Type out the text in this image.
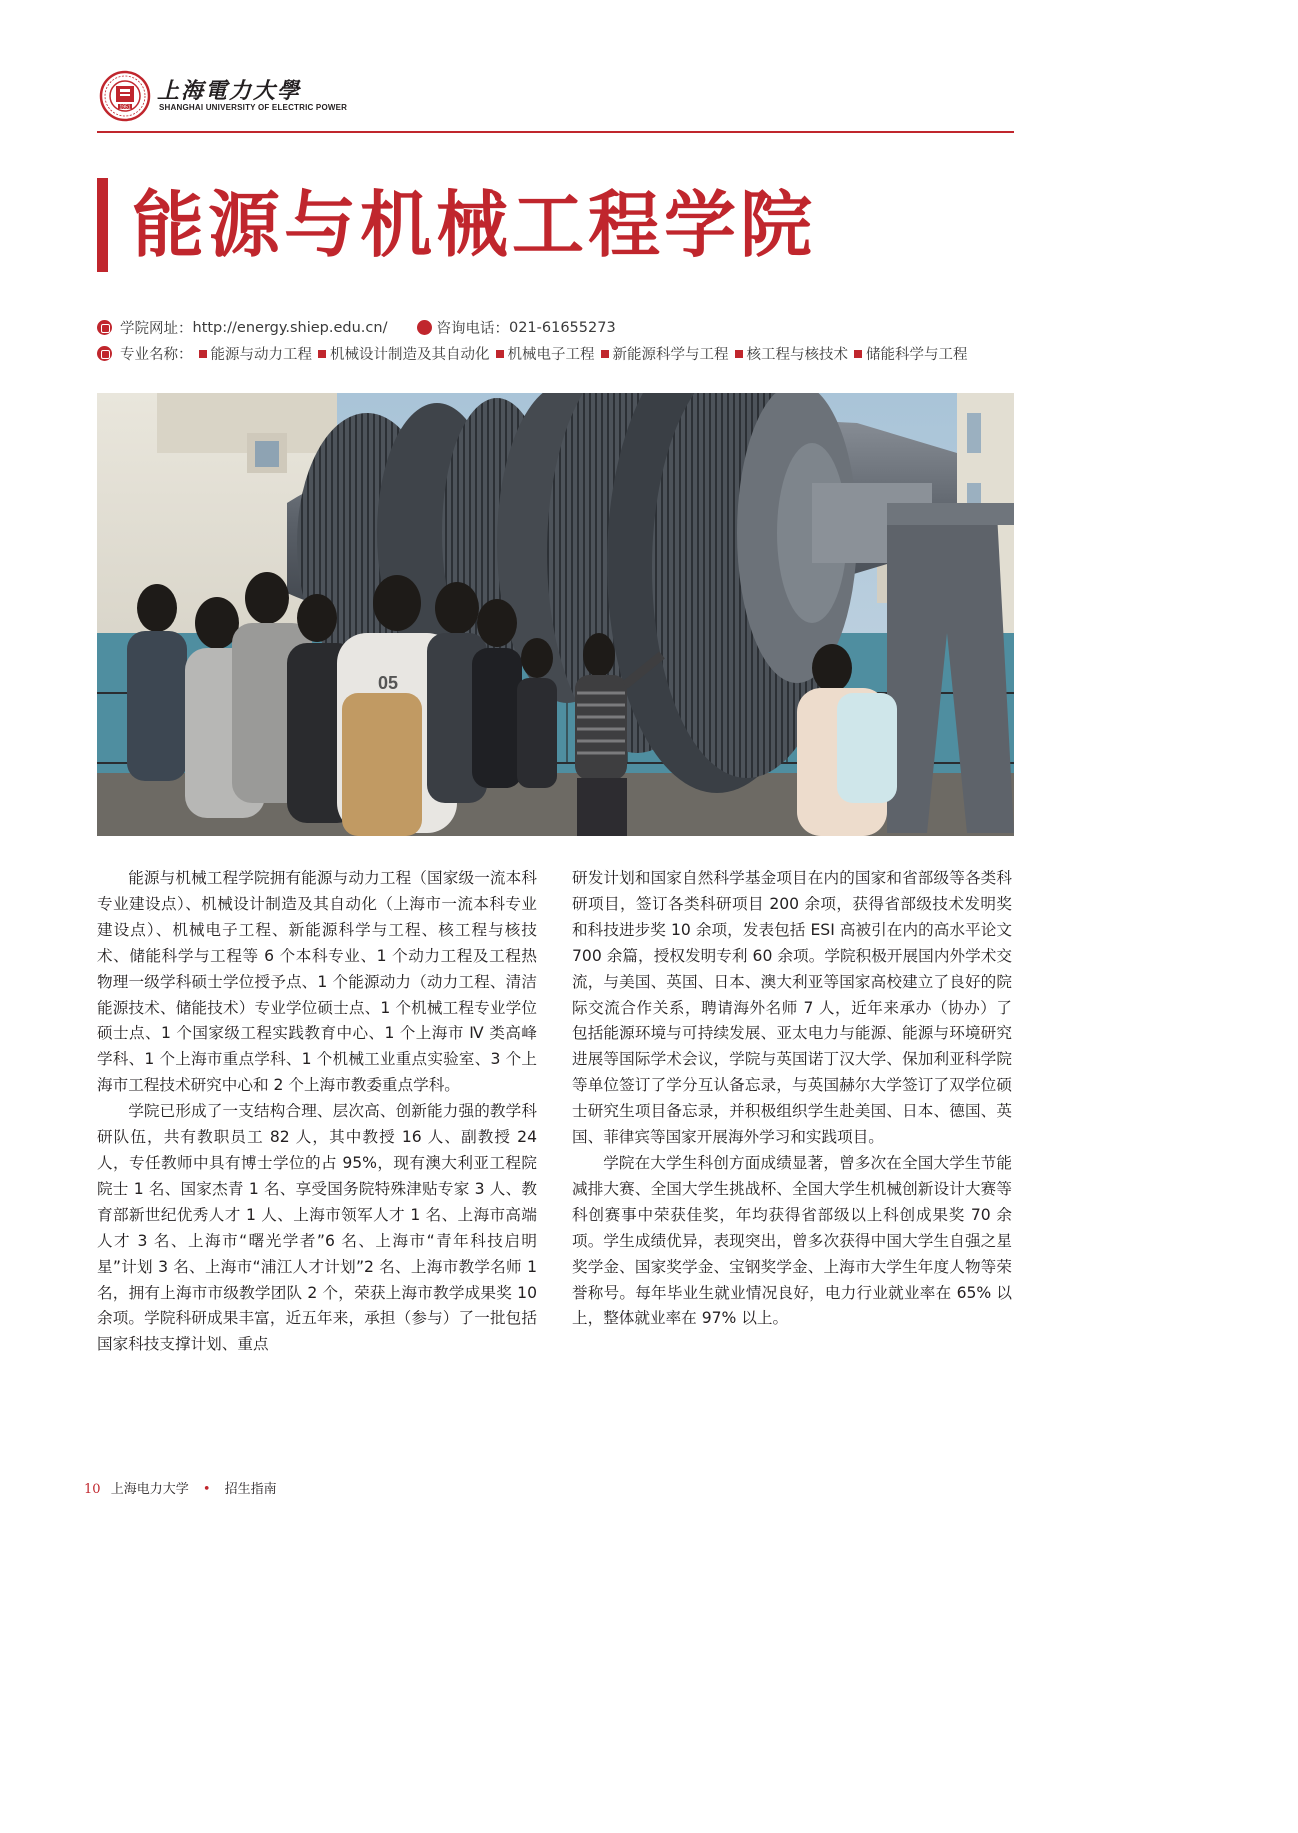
1951
上海電力大學
SHANGHAI UNIVERSITY OF ELECTRIC POWER
能源与机械工程学院
学院网址： http://energy.shiep.edu.cn/	咨询电话： 021-61655273
专业名称： 能源与动力工程 机械设计制造及其自动化 机械电子工程 新能源科学与工程 核工程与核技术 储能科学与工程
05

能源与机械工程学院拥有能源与动力工程（国家级一流本科专业建设点）、机械设计制造及其自动化（上海市一流本科专业建设点）、机械电子工程、新能源科学与工程、核工程与核技术、储能科学与工程等 6 个本科专业、1 个动力工程及工程热物理一级学科硕士学位授予点、1 个能源动力（动力工程、清洁能源技术、储能技术）专业学位硕士点、1 个机械工程专业学位硕士点、1 个国家级工程实践教育中心、1 个上海市 Ⅳ 类高峰学科、1 个上海市重点学科、1 个机械工业重点实验室、3 个上海市工程技术研究中心和 2 个上海市教委重点学科。

学院已形成了一支结构合理、层次高、创新能力强的教学科研队伍，共有教职员工 82 人，其中教授 16 人、副教授 24 人，专任教师中具有博士学位的占 95%，现有澳大利亚工程院院士 1 名、国家杰青 1 名、享受国务院特殊津贴专家 3 人、教育部新世纪优秀人才 1 人、上海市领军人才 1 名、上海市高端人才 3 名、上海市“曙光学者”6 名、上海市“青年科技启明星”计划 3 名、上海市“浦江人才计划”2 名、上海市教学名师 1 名，拥有上海市市级教学团队 2 个，荣获上海市教学成果奖 10 余项。学院科研成果丰富，近五年来，承担（参与）了一批包括国家科技支撑计划、重点

研发计划和国家自然科学基金项目在内的国家和省部级等各类科研项目，签订各类科研项目 200 余项，获得省部级技术发明奖和科技进步奖 10 余项，发表包括 ESI 高被引在内的高水平论文 700 余篇，授权发明专利 60 余项。学院积极开展国内外学术交流，与美国、英国、日本、澳大利亚等国家高校建立了良好的院际交流合作关系，聘请海外名师 7 人，近年来承办（协办）了包括能源环境与可持续发展、亚太电力与能源、能源与环境研究进展等国际学术会议，学院与英国诺丁汉大学、保加利亚科学院等单位签订了学分互认备忘录，与英国赫尔大学签订了双学位硕士研究生项目备忘录，并积极组织学生赴美国、日本、德国、英国、菲律宾等国家开展海外学习和实践项目。

学院在大学生科创方面成绩显著，曾多次在全国大学生节能减排大赛、全国大学生挑战杯、全国大学生机械创新设计大赛等科创赛事中荣获佳奖，年均获得省部级以上科创成果奖 70 余项。学生成绩优异，表现突出，曾多次获得中国大学生自强之星奖学金、国家奖学金、宝钢奖学金、上海市大学生年度人物等荣誉称号。每年毕业生就业情况良好，电力行业就业率在 65% 以上，整体就业率在 97% 以上。

10 上海电力大学 • 招生指南
